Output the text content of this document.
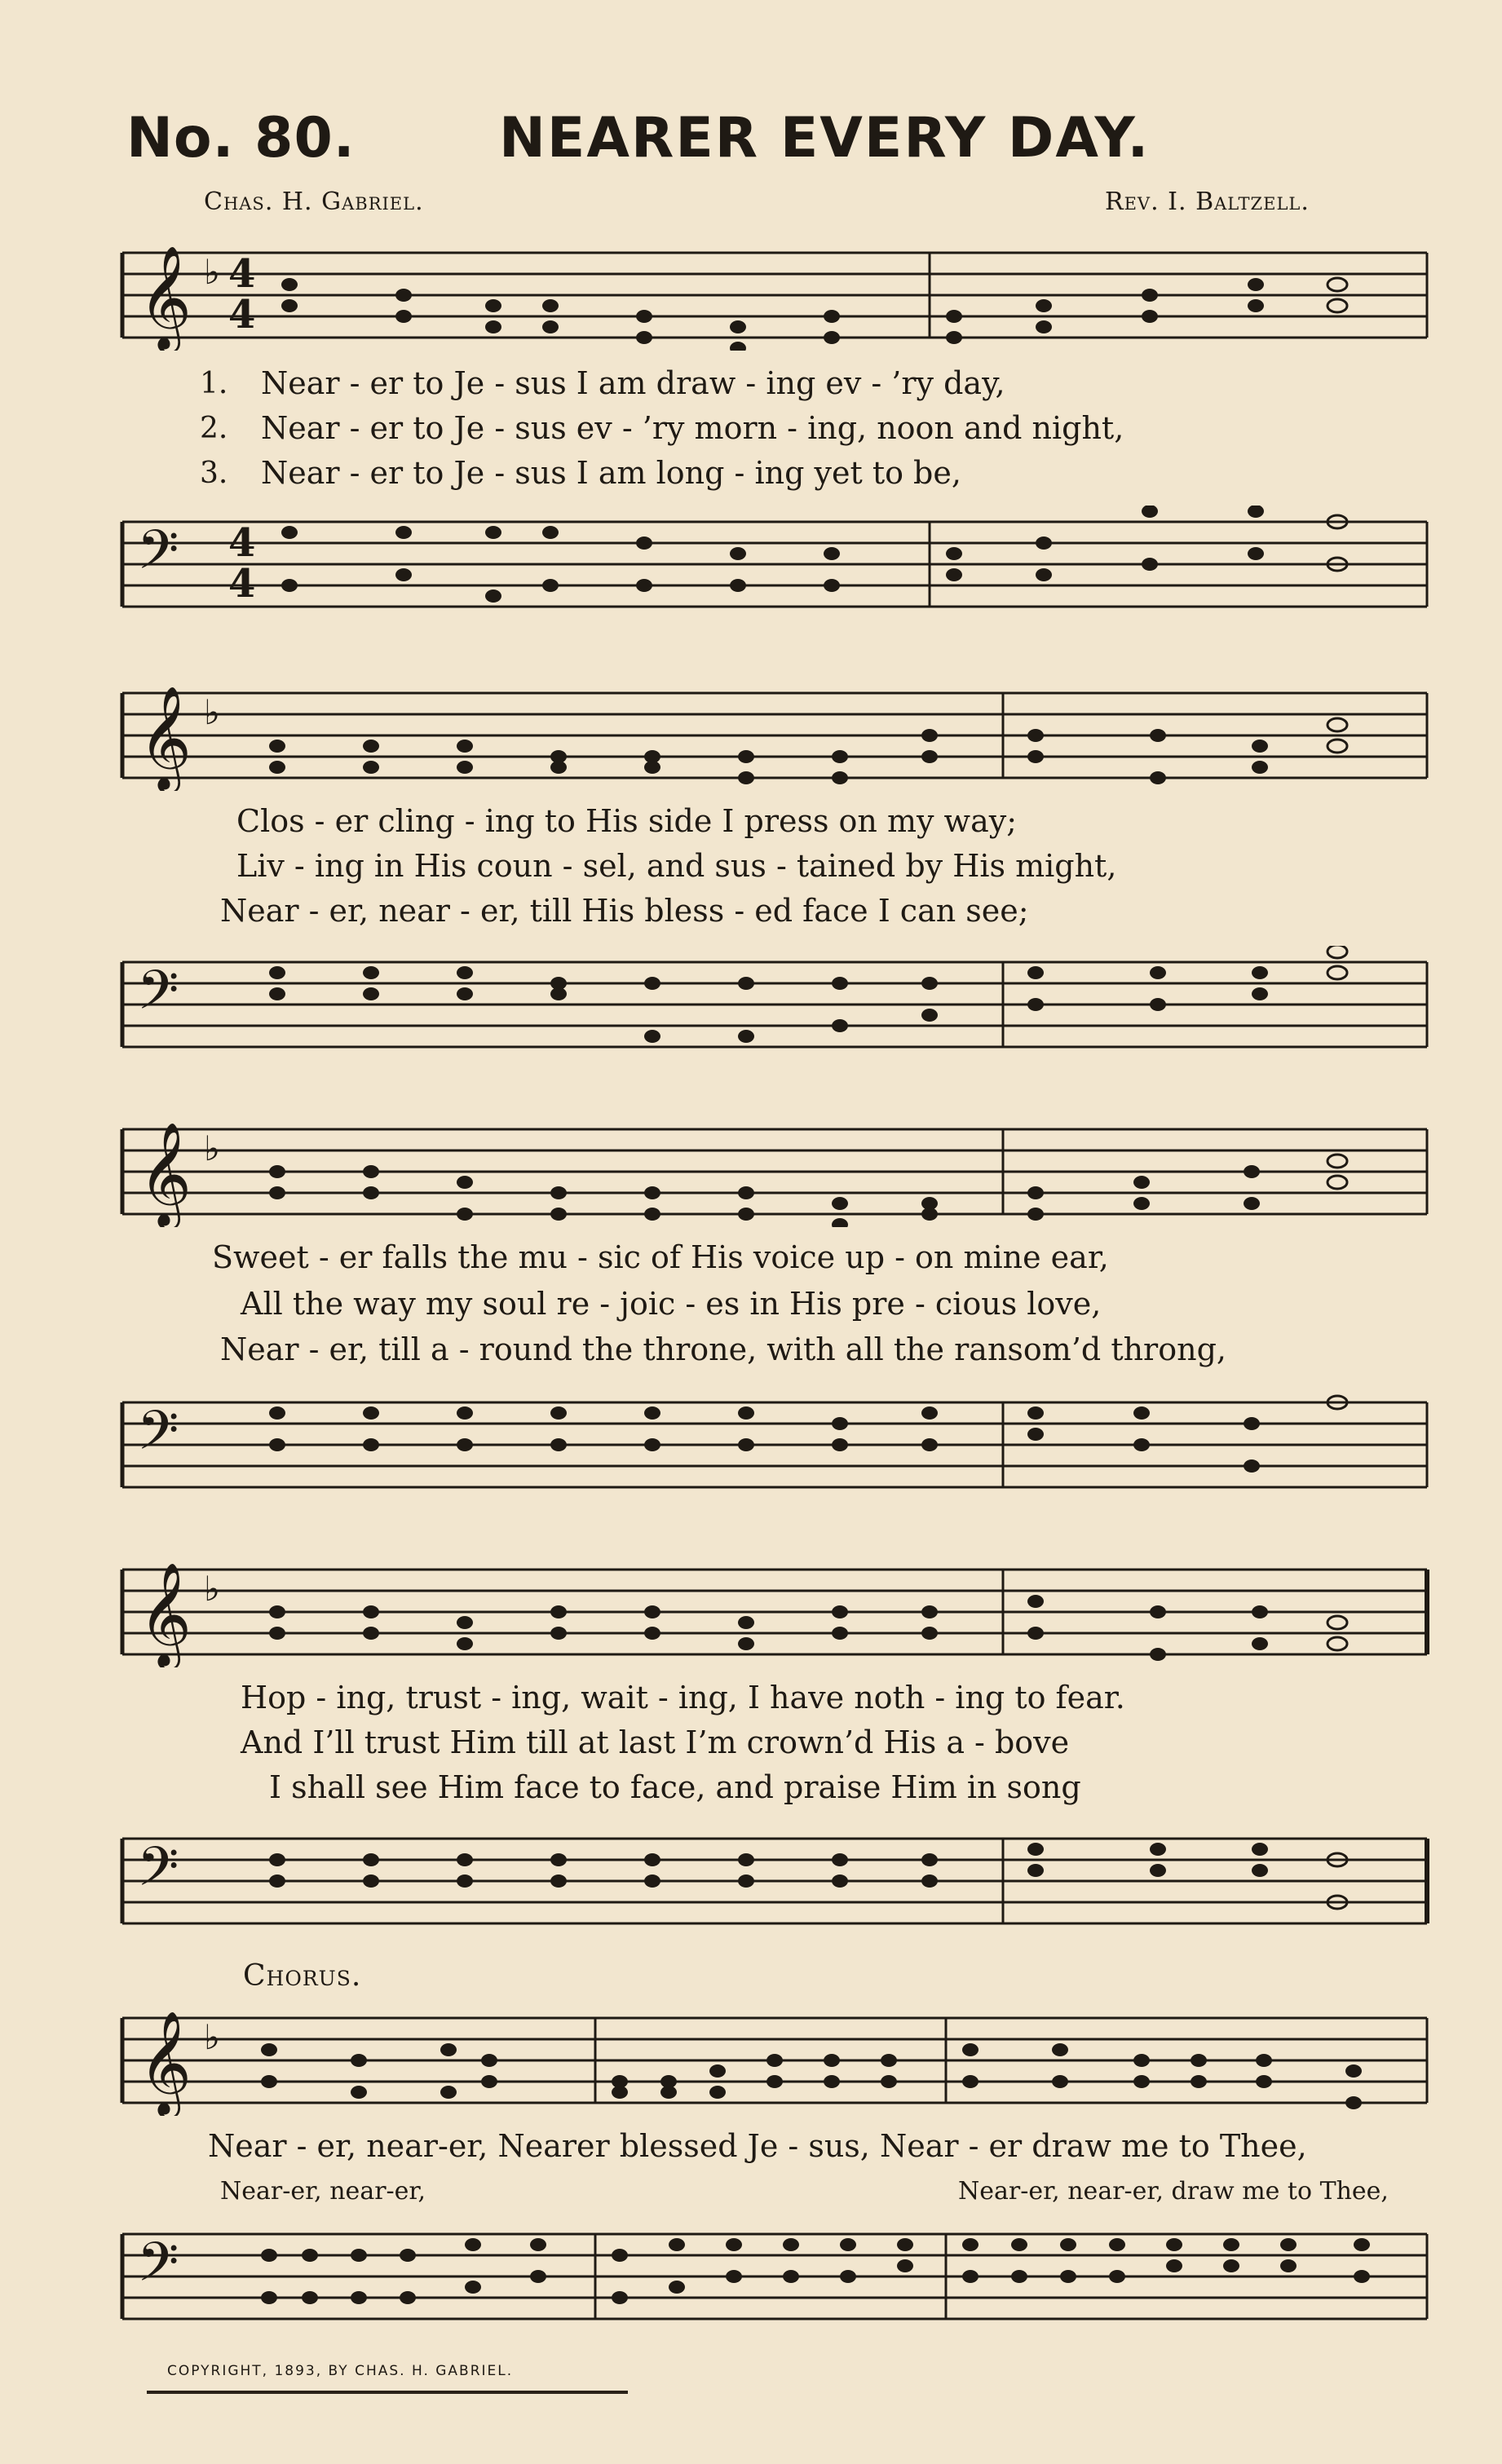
No. 80.	NEARER EVERY DAY.
Chas. H. Gabriel.	Rev. I. Baltzell.
𝄞 4
4
♭
1.
2.
3.
Near - er to Je - sus I am draw - ing ev - ’ry day,
Near - er to Je - sus ev - ’ry morn - ing, noon and night,
Near - er to Je - sus I am long - ing yet to be,
𝄢 4
4
𝄞 ♭
Clos - er cling - ing to His side I press on my way;
Liv - ing in His coun - sel, and sus - tained by His might,
Near - er, near - er, till His bless - ed face I can see;
𝄢
𝄞 ♭
Sweet - er falls the mu - sic of His voice up - on mine ear,
All the way my soul re - joic - es in His pre - cious love,
Near - er, till a - round the throne, with all the ransom’d throng,
𝄢
𝄞 ♭
Hop - ing, trust - ing, wait - ing, I have noth - ing to fear.
And I’ll trust Him till at last I’m crown’d His a - bove
I shall see Him face to face, and praise Him in song
𝄢
Chorus.
𝄞 ♭
Near - er, near-er, Nearer blessed Je - sus, Near - er draw me to Thee,
Near-er, near-er,	Near-er, near-er, draw me to Thee,
𝄢
COPYRIGHT, 1893, BY CHAS. H. GABRIEL.
